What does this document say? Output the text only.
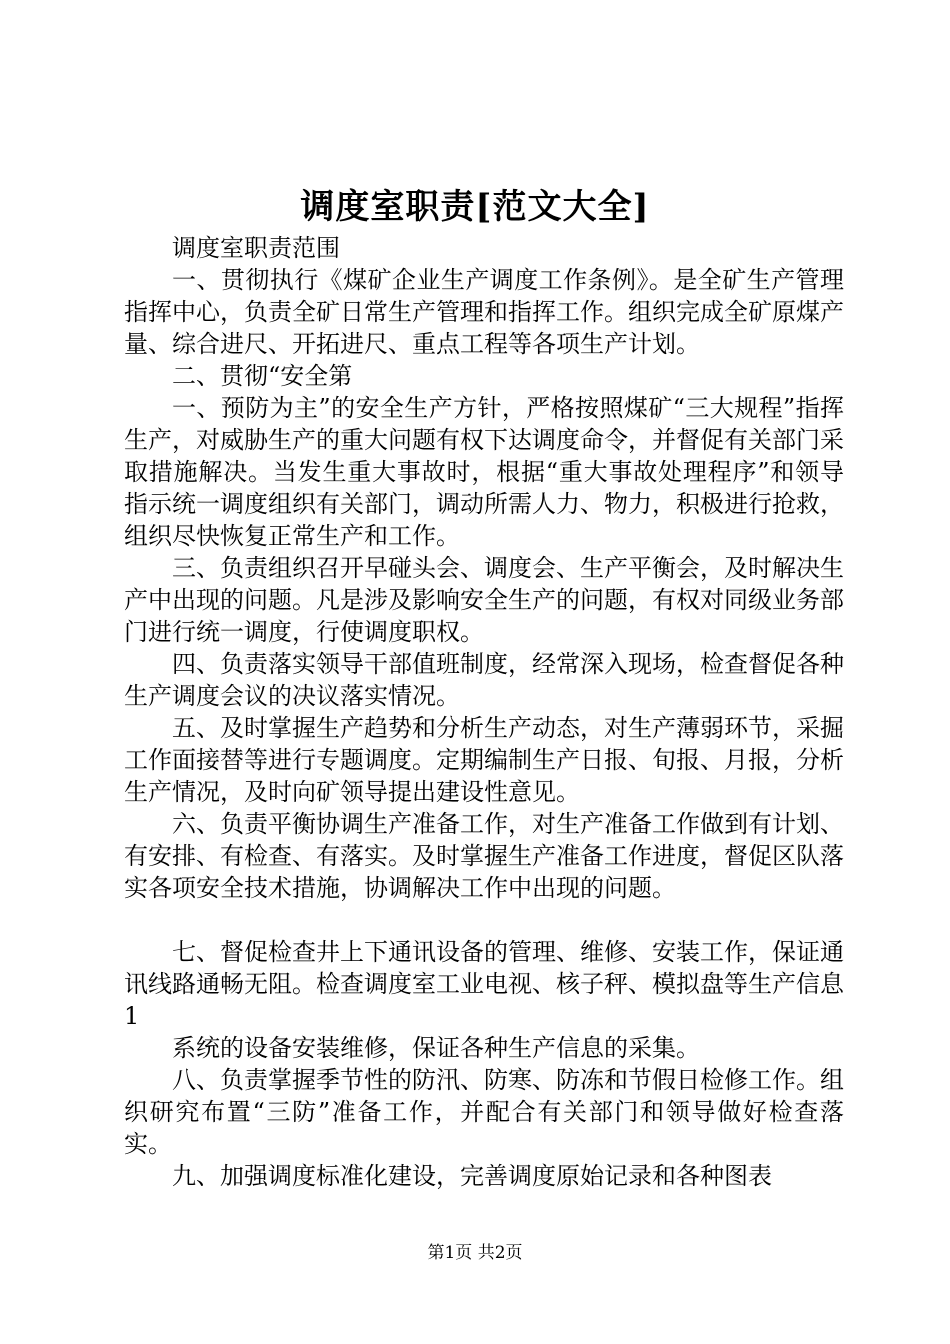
调度室职责[范文大全]

调度室职责范围

一、贯彻执行《煤矿企业生产调度工作条例》。是全矿生产管理指挥中心，负责全矿日常生产管理和指挥工作。组织完成全矿原煤产量、综合进尺、开拓进尺、重点工程等各项生产计划。

二、贯彻“安全第

一、预防为主”的安全生产方针，严格按照煤矿“三大规程”指挥生产，对威胁生产的重大问题有权下达调度命令，并督促有关部门采取措施解决。当发生重大事故时，根据“重大事故处理程序”和领导指示统一调度组织有关部门，调动所需人力、物力，积极进行抢救，组织尽快恢复正常生产和工作。

三、负责组织召开早碰头会、调度会、生产平衡会，及时解决生产中出现的问题。凡是涉及影响安全生产的问题，有权对同级业务部门进行统一调度，行使调度职权。

四、负责落实领导干部值班制度，经常深入现场，检查督促各种生产调度会议的决议落实情况。

五、及时掌握生产趋势和分析生产动态，对生产薄弱环节，采掘工作面接替等进行专题调度。定期编制生产日报、旬报、月报，分析生产情况，及时向矿领导提出建设性意见。

六、负责平衡协调生产准备工作，对生产准备工作做到有计划、有安排、有检查、有落实。及时掌握生产准备工作进度，督促区队落实各项安全技术措施，协调解决工作中出现的问题。

七、督促检查井上下通讯设备的管理、维修、安装工作，保证通讯线路通畅无阻。检查调度室工业电视、核子秤、模拟盘等生产信息1

系统的设备安装维修，保证各种生产信息的采集。

八、负责掌握季节性的防汛、防寒、防冻和节假日检修工作。组织研究布置“三防”准备工作，并配合有关部门和领导做好检查落实。

九、加强调度标准化建设，完善调度原始记录和各种图表

第1页 共2页
